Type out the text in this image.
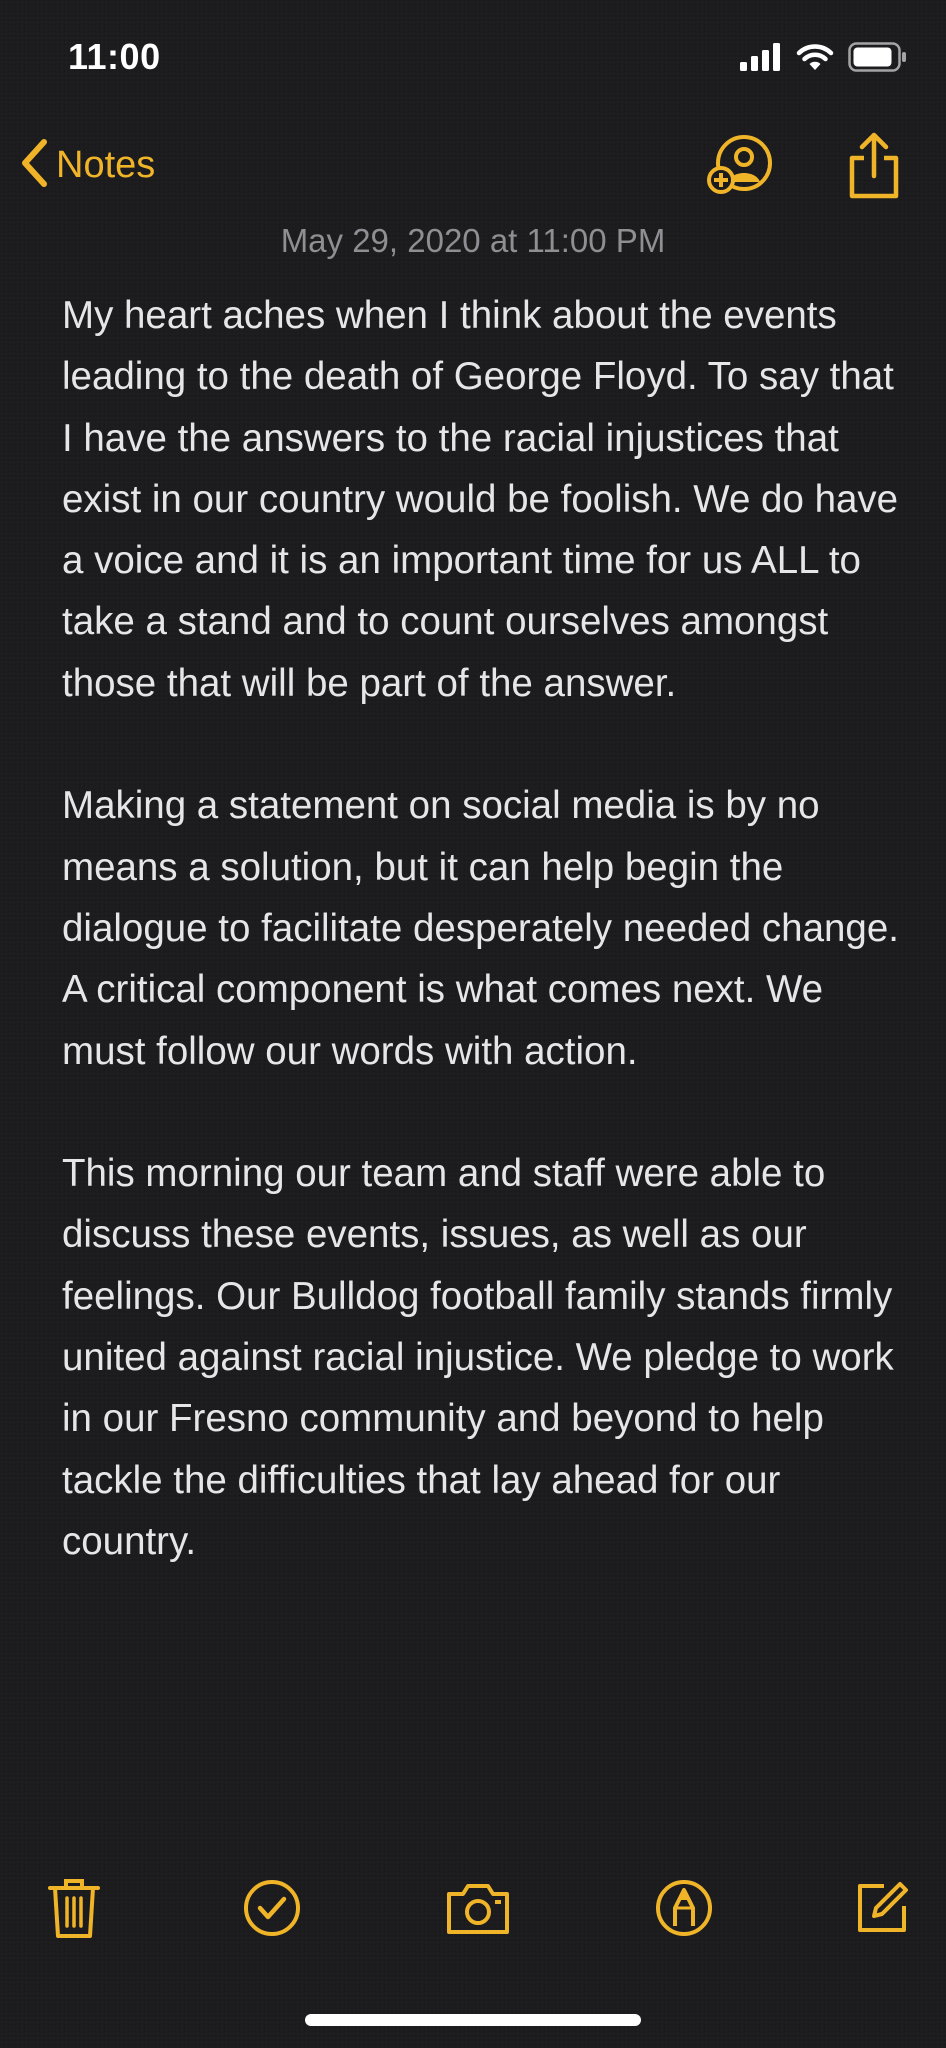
11:00
Notes
May 29, 2020 at 11:00 PM

My heart aches when I think about the events leading to the death of George Floyd. To say that I have the answers to the racial injustices that exist in our country would be foolish. We do have a voice and it is an important time for us ALL to take a stand and to count ourselves amongst those that will be part of the answer.

Making a statement on social media is by no means a solution, but it can help begin the dialogue to facilitate desperately needed change. A critical component is what comes next. We must follow our words with action.

This morning our team and staff were able to discuss these events, issues, as well as our feelings. Our Bulldog football family stands firmly united against racial injustice. We pledge to work in our Fresno community and beyond to help tackle the difficulties that lay ahead for our country.
